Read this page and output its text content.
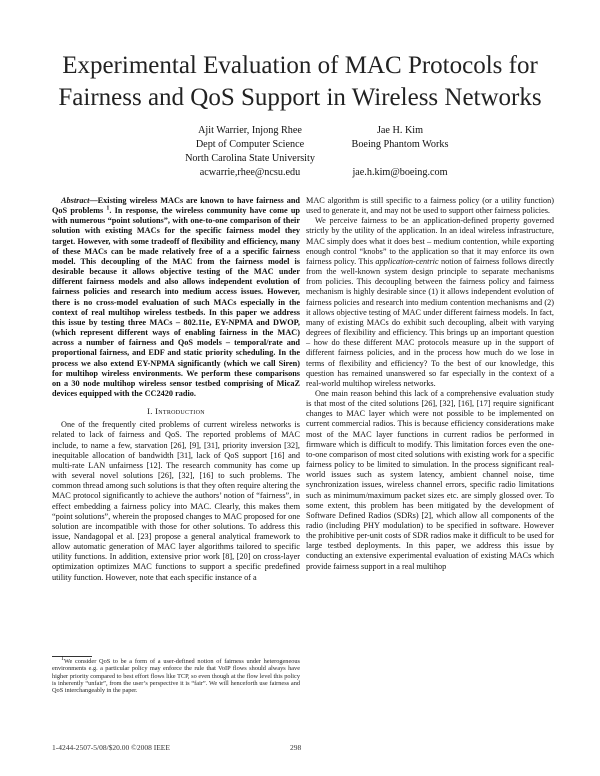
Experimental Evaluation of MAC Protocols for
Fairness and QoS Support in Wireless Networks
Ajit Warrier, Injong Rhee
Dept of Computer Science
North Carolina State University
acwarrie,rhee@ncsu.edu
Jae H. Kim
Boeing Phantom Works

jae.h.kim@boeing.com

Abstract—Existing wireless MACs are known to have fairness and QoS problems $^1$. In response, the wireless community have come up with numerous “point solutions”, with one-to-one comparison of their solution with existing MACs for the specific fairness model they target. However, with some tradeoff of flexibility and efficiency, many of these MACs can be made relatively free of a a specific fairness model. This decoupling of the MAC from the fairness model is desirable because it allows objective testing of the MAC under different fairness models and also allows independent evolution of fairness policies and research into medium access issues. However, there is no cross-model evaluation of such MACs especially in the context of real multihop wireless testbeds. In this paper we address this issue by testing three MACs – 802.11e, EY-NPMA and DWOP, (which represent different ways of enabling fairness in the MAC) across a number of fairness and QoS models – temporal/rate and proportional fairness, and EDF and static priority scheduling. In the process we also extend EY-NPMA significantly (which we call Siren) for multihop wireless environments. We perform these comparisons on a 30 node multihop wireless sensor testbed comprising of MicaZ devices equipped with the CC2420 radio.

I. Introduction

One of the frequently cited problems of current wireless networks is related to lack of fairness and QoS. The reported problems of MAC include, to name a few, starvation [26], [9], [31], priority inversion [32], inequitable allocation of bandwidth [31], lack of QoS support [16] and multi-rate LAN unfairness [12]. The research community has come up with several novel solutions [26], [32], [16] to such problems. The common thread among such solutions is that they often require altering the MAC protocol significantly to achieve the authors’ notion of “fairness”, in effect embedding a fairness policy into MAC. Clearly, this makes them “point solutions”, wherein the proposed changes to MAC proposed for one solution are incompatible with those for other solutions. To address this issue, Nandagopal et al. [23] propose a general analytical framework to allow automatic generation of MAC layer algorithms tailored to specific utility functions. In addition, extensive prior work [8], [20] on cross-layer optimization optimizes MAC functions to support a specific predefined utility function. However, note that each specific instance of a

MAC algorithm is still specific to a fairness policy (or a utility function) used to generate it, and may not be used to support other fairness policies.

We perceive fairness to be an application-defined property governed strictly by the utility of the application. In an ideal wireless infrastructure, MAC simply does what it does best – medium contention, while exporting enough control “knobs” to the application so that it may enforce its own fairness policy. This application-centric notion of fairness follows directly from the well-known system design principle to separate mechanisms from policies. This decoupling between the fairness policy and fairness mechanism is highly desirable since (1) it allows independent evolution of fairness policies and research into medium contention mechanisms and (2) it allows objective testing of MAC under different fairness models. In fact, many of existing MACs do exhibit such decoupling, albeit with varying degrees of flexibility and efficiency. This brings up an important question – how do these different MAC protocols measure up in the support of different fairness policies, and in the process how much do we lose in terms of flexibility and efficiency? To the best of our knowledge, this question has remained unanswered so far especially in the context of a real-world multihop wireless networks.

One main reason behind this lack of a comprehensive evaluation study is that most of the cited solutions [26], [32], [16], [17] require significant changes to MAC layer which were not possible to be implemented on current commercial radios. This is because efficiency considerations make most of the MAC layer functions in current radios be performed in firmware which is difficult to modify. This limitation forces even the one-to-one comparison of most cited solutions with existing work for a specific fairness policy to be limited to simulation. In the process significant real-world issues such as system latency, ambient channel noise, time synchronization issues, wireless channel errors, specific radio limitations such as minimum/maximum packet sizes etc. are simply glossed over. To some extent, this problem has been mitigated by the development of Software Defined Radios (SDRs) [2], which allow all components of the radio (including PHY modulation) to be specified in software. However the prohibitive per-unit costs of SDR radios make it difficult to be used for large testbed deployments. In this paper, we address this issue by conducting an extensive experimental evaluation of existing MACs which provide fairness support in a real multihop

$^1$We consider QoS to be a form of a user-defined notion of fairness under heterogeneous environments e.g. a particular policy may enforce the rule that VoIP flows should always have higher priority compared to best effort flows like TCP, so even though at the flow level this policy is inherently “unfair”, from the user’s perspective it is “fair”. We will henceforth use fairness and QoS interchangeably in the paper.
1-4244-2507-5/08/$20.00 ©2008 IEEE	298
